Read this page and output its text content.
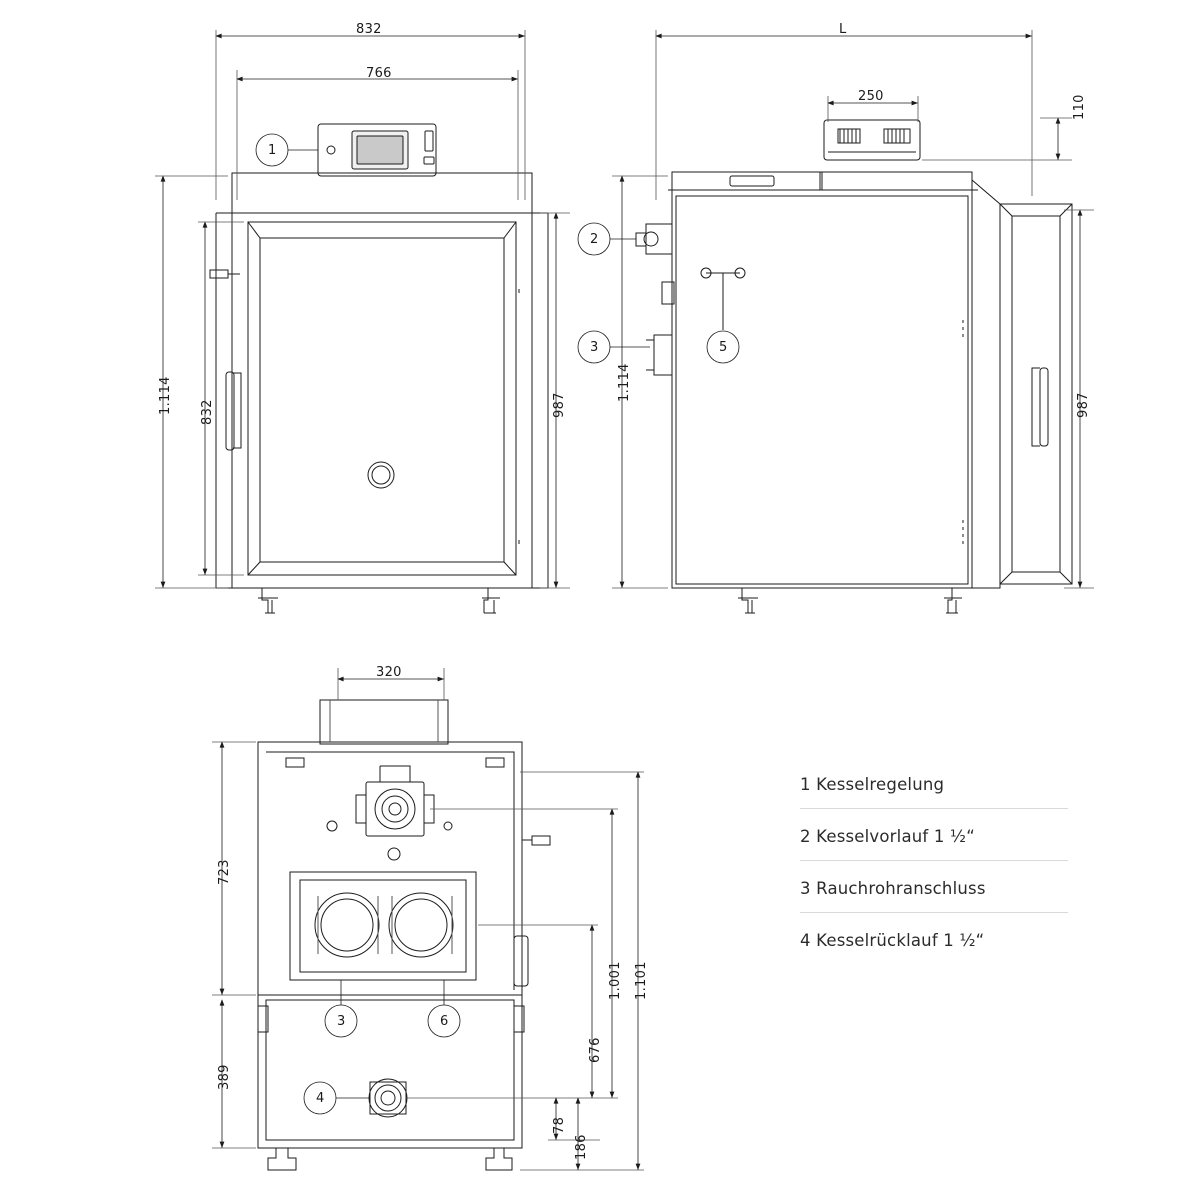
832
766
1.114 832	987
1
L
250	110
1.114
987
2
3	5
320
723
389
1.001 1.101
676
78
186
3	6
4
1 Kesselregelung
2 Kesselvorlauf 1 ½“
3 Rauchrohranschluss
4 Kesselrücklauf 1 ½“
